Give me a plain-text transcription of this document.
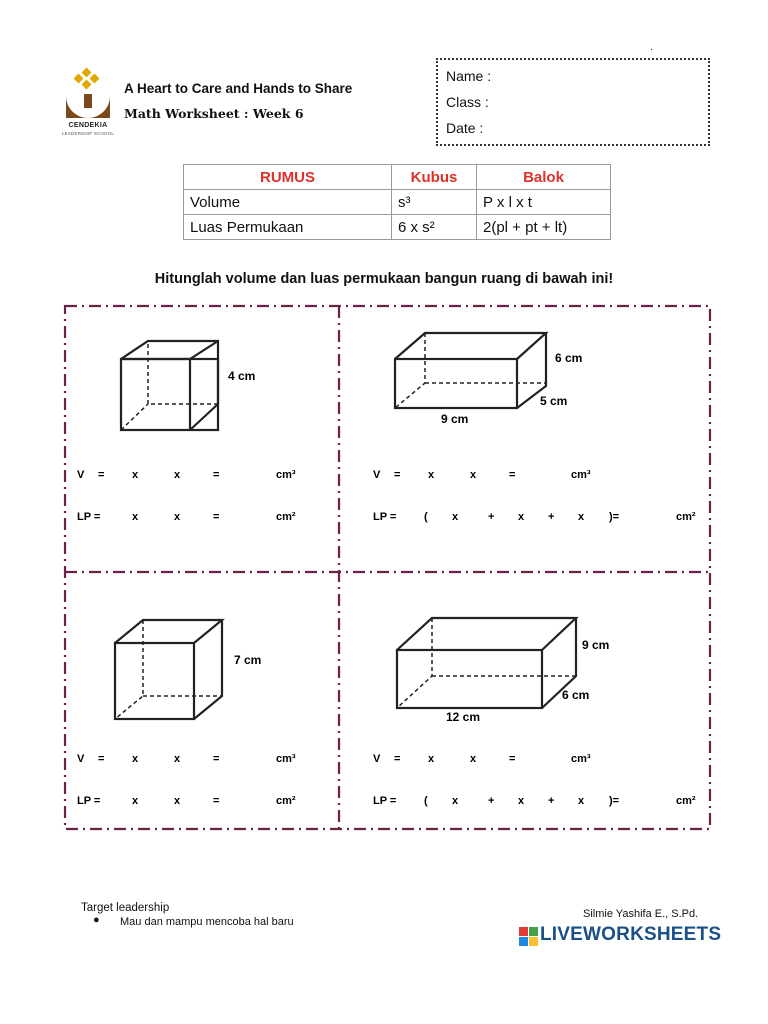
CENDEKIA
LEADERSHIP SCHOOL
A Heart to Care and Hands to Share
Math Worksheet : Week 6
.
Name :
Class :
Date :
RUMUS	Kubus	Balok
Volume	s³	P x l x t
Luas Permukaan	6 x s²	2(pl + pt + lt)
Hitunglah volume dan luas permukaan bangun ruang di bawah ini!
4 cm
6 cm
5 cm
9 cm
7 cm
9 cm
6 cm
12 cm
V =	x	x	=	cm³
LP =	x	x	=	cm²
V =	x	x	=	cm³
LP =	( x	+ x + x )=	cm²
V =	x	x	=	cm³
LP =	x	x	=	cm²
V =	x	x	=	cm³
LP =	( x	+ x + x )=	cm²
Target leadership
● Mau dan mampu mencoba hal baru
Silmie Yashifa E., S.Pd.
LIVEWORKSHEETS
